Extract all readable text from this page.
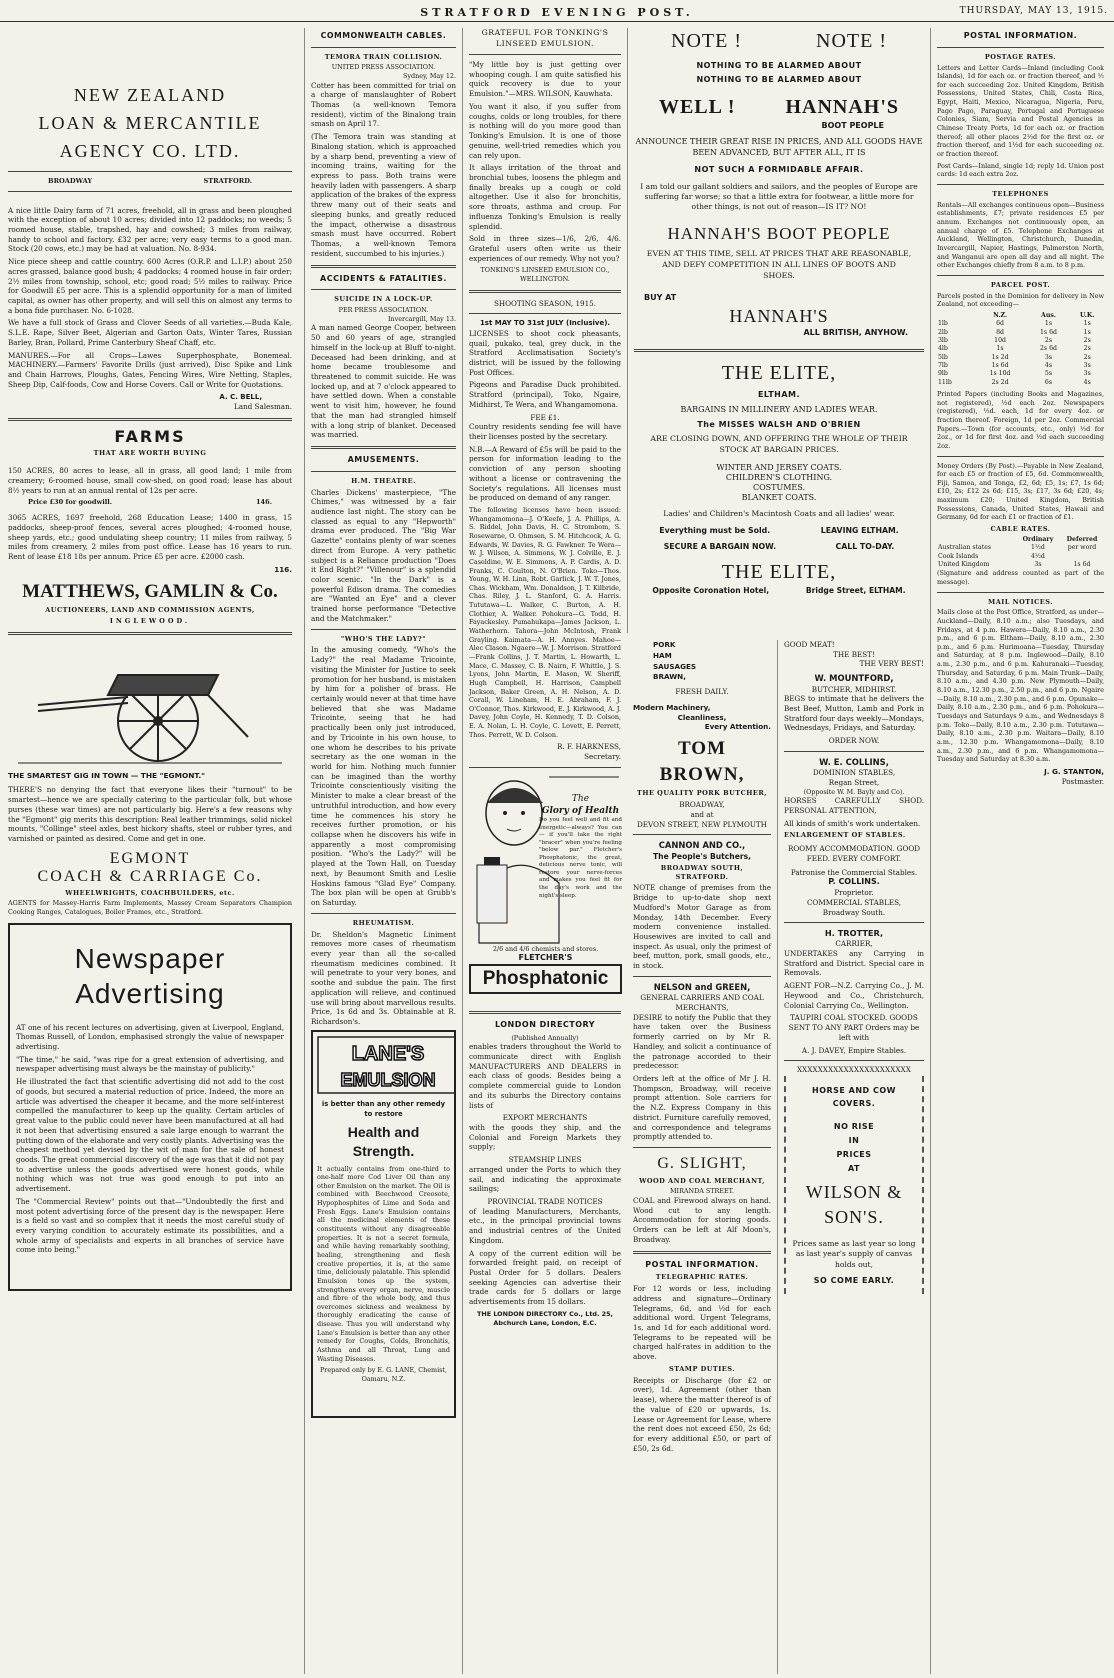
STRATFORD EVENING POST.	THURSDAY, MAY 13, 1915.
NEW ZEALAND
LOAN & MERCANTILE
AGENCY CO. LTD.
BROADWAY	STRATFORD.

A nice little Dairy farm of 71 acres, freehold, all in grass and been ploughed with the exception of about 10 acres; divided into 12 paddocks; no weeds; 5 roomed house, stable, trapshed, hay and cowshed; 3 miles from railway, handy to school and factory. £32 per acre; very easy terms to a good man. Stock (20 cows, etc.) may be had at valuation. No. 8-934.

Nice piece sheep and cattle country. 600 Acres (O.R.P. and L.I.P.) about 250 acres grassed, balance good bush; 4 paddocks; 4 roomed house in fair order; 2½ miles from township, school, etc; good road; 5½ miles to railway. Price for Goodwill £5 per acre. This is a splendid opportunity for a man of limited capital, as owner has other property, and will sell this on almost any terms to a bona fide purchaser. No. 6-1028.

We have a full stock of Grass and Clover Seeds of all varieties.—Buda Kale, S.L.E. Rape, Silver Beet, Algerian and Garton Oats, Winter Tares, Russian Barley, Bran, Pollard, Prime Canterbury Sheaf Chaff, etc.

MANURES.—For all Crops—Lawes Superphosphate, Bonemeal. MACHINERY.—Farmers' Favorite Drills (just arrived), Disc Spike and Link and Chain Harrows, Ploughs, Gates, Fencing Wires, Wire Netting, Staples, Sheep Dip, Calf-foods, Cow and Horse Covers. Call or Write for Quotations.

A. C. BELL,
Land Salesman.
FARMS
THAT ARE WORTH BUYING

150 ACRES, 80 acres to lease, all in grass, all good land; 1 mile from creamery; 6-roomed house, small cow-shed, on good road; lease has about 8½ years to run at an annual rental of 12s per acre.

Price £30 for goodwill.	146.

3065 ACRES, 1697 freehold, 268 Education Lease; 1400 in grass, 15 paddocks, sheep-proof fences, several acres ploughed; 4-roomed house, sheep yards, etc.; good undulating sheep country; 11 miles from railway, 5 miles from creamery, 2 miles from post office. Lease has 16 years to run. Rent of lease £18 18s per annum. Price £5 per acre. £2000 cash.

116.
MATTHEWS, GAMLIN & Co.
AUCTIONEERS, LAND AND COMMISSION AGENTS,
INGLEWOOD.
THE SMARTEST GIG IN TOWN — THE "EGMONT."

THERE'S no denying the fact that everyone likes their "turnout" to be smartest—hence we are specially catering to the particular folk, but whose purses (these war times) are not particularly big. Here's a few reasons why the "Egmont" gig merits this description: Real leather trimmings, solid nickel mounts, "Collinge" steel axles, best hickory shafts, steel or rubber tyres, and varnished or painted as desired. Come and get in one.

EGMONT
COACH & CARRIAGE Co.
WHEELWRIGHTS, COACHBUILDERS, etc.

AGENTS for Massey-Harris Farm Implements, Massey Cream Separators Champion Cooking Ranges, Catalogues, Boiler Frames, etc., Stratford.

Newspaper
Advertising

AT one of his recent lectures on advertising, given at Liverpool, England, Thomas Russell, of London, emphasised strongly the value of newspaper advertising.

"The time," he said, "was ripe for a great extension of advertising, and newspaper advertising must always be the mainstay of publicity."

He illustrated the fact that scientific advertising did not add to the cost of goods, but secured a material reduction of price. Indeed, the more an article was advertised the cheaper it became, and the more self-interest compelled the manufacturer to keep up the quality. Certain articles of great value to the public could never have been manufactured at all had it not been that advertising ensured a sale large enough to warrant the putting down of the elaborate and very costly plants. Advertising was the cheapest method yet devised by the wit of man for the sale of honest goods. The great commercial discovery of the age was that it did not pay to advertise unless the goods advertised were honest goods, while nothing which was not true was good enough to put into an advertisement.

The "Commercial Review" points out that—"Undoubtedly the first and most potent advertising force of the present day is the newspaper. Here is a field so vast and so complex that it needs the most careful study of every varying condition to accurately estimate its possibilities, and a whole army of specialists and experts in all branches of service have come into being."

COMMONWEALTH CABLES.
TEMORA TRAIN COLLISION.
UNITED PRESS ASSOCIATION.
Sydney, May 12.

Cotter has been committed for trial on a charge of manslaughter of Robert Thomas (a well-known Temora resident), victim of the Binalong train smash on April 17.

(The Temora train was standing at Binalong station, which is approached by a sharp bend, preventing a view of incoming trains, waiting for the express to pass. Both trains were heavily laden with passengers. A sharp application of the brakes of the express threw many out of their seats and sleeping bunks, and greatly reduced the impact, otherwise a disastrous smash must have occurred. Robert Thomas, a well-known Temora resident, succumbed to his injuries.)

ACCIDENTS & FATALITIES.
SUICIDE IN A LOCK-UP.
PER PRESS ASSOCIATION.
Invercargill, May 13.

A man named George Cooper, between 50 and 60 years of age, strangled himself in the lock-up at Bluff to-night. Deceased had been drinking, and at home became troublesome and threatened to commit suicide. He was locked up, and at 7 o'clock appeared to have settled down. When a constable went to visit him, however, he found that the man had strangled himself with a long strip of blanket. Deceased was married.

AMUSEMENTS.
H.M. THEATRE.

Charles Dickens' masterpiece, "The Chimes," was witnessed by a fair audience last night. The story can be classed as equal to any "Hepworth" drama ever produced. The "Big War Gazette" contains plenty of war scenes direct from Europe. A very pathetic subject is a Reliance production "Does it End Right?" "Villenour" is a splendid color scenic. "In the Dark" is a powerful Edison drama. The comedies are "Wanted an Eye" and a clever trained horse performance "Detective and the Matchmaker."

"WHO'S THE LADY?"

In the amusing comedy, "Who's the Lady?" the real Madame Tricointe, visiting the Minister for Justice to seek promotion for her husband, is mistaken by him for a polisher of brass. He certainly would never at that time have believed that she was Madame Tricointe, seeing that he had practically been only just introduced, and by Tricointe in his own house, to one whom he describes to his private secretary as the one woman in the world for him. Nothing much funnier can be imagined than the worthy Tricointe conscientiously visiting the Minister to make a clear breast of the untruthful introduction, and how every time he commences his story he receives further promotion, or his collapse when he discovers his wife in apparently a most compromising position. "Who's the Lady?" will be played at the Town Hall, on Tuesday next, by Beaumont Smith and Leslie Hoskins famous "Glad Eye" Company. The box plan will be open at Grubb's on Saturday.

RHEUMATISM.

Dr. Sheldon's Magnetic Liniment removes more cases of rheumatism every year than all the so-called rheumatism medicines combined. It will penetrate to your very bones, and soothe and subdue the pain. The first application will relieve, and continued use will bring about marvellous results. Price, 1s 6d and 3s. Obtainable at R. Richardson's.

LANE'S
EMULSION
is better than any other remedy to restore
Health and Strength.

It actually contains from one-third to one-half more Cod Liver Oil than any other Emulsion on the market. The Oil is combined with Beechwood Creosote, Hypophosphites of Lime and Soda and Fresh Eggs. Lane's Emulsion contains all the medicinal elements of these constituents without any disagreeable properties. It is not a secret formula, and while having remarkably soothing, healing, strengthening and flesh creative properties, it is, at the same time, deliciously palatable. This splendid Emulsion tones up the system, strengthens every organ, nerve, muscle and fibre of the whole body, and thus overcomes sickness and weakness by thoroughly eradicating the cause of disease. Thus you will understand why Lane's Emulsion is better than any other remedy for Coughs, Colds, Bronchitis, Asthma and all Throat, Lung and Wasting Diseases.

Prepared only by E. G. LANE, Chemist, Oamaru, N.Z.
GRATEFUL FOR TONKING'S LINSEED EMULSION.

"My little boy is just getting over whooping cough. I am quite satisfied his quick recovery is due to your Emulsion."—MRS. WILSON, Kauwhata.

You want it also, if you suffer from coughs, colds or long troubles, for there is nothing will do you more good than Tonking's Emulsion. It is one of those genuine, well-tried remedies which you can rely upon.

It allays irritation of the throat and bronchial tubes, loosens the phlegm and finally breaks up a cough or cold altogether. Use it also for bronchitis, sore throats, asthma and croup. For influenza Tonking's Emulsion is really splendid.

Sold in three sizes—1/6, 2/6, 4/6. Grateful users often write us their experiences of our remedy. Why not you?

TONKING'S LINSEED EMULSION CO., WELLINGTON.
SHOOTING SEASON, 1915.
1st MAY TO 31st JULY (Inclusive).

LICENSES to shoot cock pheasants, quail, pukako, teal, grey duck, in the Stratford Acclimatisation Society's district, will be issued by the following Post Offices.

Pigeons and Paradise Duck prohibited. Stratford (principal), Toko, Ngaire, Midhirst, Te Wera, and Whangamomona.

FEE £1.

Country residents sending fee will have their licenses posted by the secretary.

N.B.—A Reward of £5s will be paid to the person for information leading to the conviction of any person shooting without a license or contravening the Society's regulations. All licenses must be produced on demand of any ranger.

The following licenses have been issued: Whangamomona—J. O'Keefe, J. A. Phillips, A. S. Riddel, John Davis, H. C. Strombom, S. Rosewarne, O. Ohmsen, S. M. Hitchcock, A. G. Edwards, W. Davies, R. G. Fawkner. Te Wera—W. J. Wilson, A. Simmons, W. J. Colville, E. J. Caseldine, W. E. Simmons, A. P. Cardis, A. D. Franks, C. Coulton, N. O'Brien. Toko—Thos. Young, W. H. Linn, Robt. Garlick, J. W. T. Jones, Chas. Wickham, Wm. Donaldson, J. T. Kilbride, Chas. Riley, J. L. Stanford, G. A. Harris. Tututawa—L. Walker, C. Burton, A. H. Clothier, A. Walker. Pohokura—G. Todd, H. Fayackesley. Pumahukapa—James Jackson, L. Watherhorn. Tahora—John McIntosh, Frank Grayling. Kaimata—A. H. Annyes. Mahoe—Alec Clason. Ngaere—W. J. Morrison. Stratford—Frank Collins, J. T. Martin, L. Howarth, L. Mace, C. Massey, C. B. Nairn, F. Whittle, J. S. Lyons, John Martin, E. Mason, W. Sheriff, Hugh Campbell, H. Harrison, Campbell Jackson, Baker Green, A. H. Nelson, A. D. Corall, W. Lineham, H. E. Abraham, F. J. O'Connor, Thos. Kirkwood, E. J. Kirkwood, A. J. Davey, John Coyle, H. Kennedy, T. D. Colson, E. A. Nolan, L. H. Coyle, C. Lovett, E. Perrett, Thos. Perrett, W. D. Colson.

R. F. HARKNESS,
Secretary.
The
Glory of Health
Do you feel well and fit and energetic—always? You can — if you'll take the right "bracer" when you're feeling "below par." Fletcher's Phosphatonic, the great, delicious nerve tonic, will restore your nerve-forces and makes you feel fit for the day's work and the night's sleep.
2/6 and 4/6 chemists and stores.
FLETCHER'S
Phosphatonic
LONDON DIRECTORY
(Published Annually)

enables traders throughout the World to communicate direct with English MANUFACTURERS AND DEALERS in each class of goods. Besides being a complete commercial guide to London and its suburbs the Directory contains lists of

EXPORT MERCHANTS

with the goods they ship, and the Colonial and Foreign Markets they supply;

STEAMSHIP LINES

arranged under the Ports to which they sail, and indicating the approximate sailings;

PROVINCIAL TRADE NOTICES

of leading Manufacturers, Merchants, etc., in the principal provincial towns and industrial centres of the United Kingdom.

A copy of the current edition will be forwarded freight paid, on receipt of Postal Order for 5 dollars. Dealers seeking Agencies can advertise their trade cards for 5 dollars or large advertisements from 15 dollars.

THE LONDON DIRECTORY Co., Ltd. 25, Abchurch Lane, London, E.C.
NOTE !	NOTE !
NOTHING TO BE ALARMED ABOUT
NOTHING TO BE ALARMED ABOUT
WELL ! HANNAH'S
BOOT PEOPLE
ANNOUNCE THEIR GREAT RISE IN PRICES, AND ALL GOODS HAVE BEEN ADVANCED, BUT AFTER ALL, IT IS
NOT SUCH A FORMIDABLE AFFAIR.
I am told our gallant soldiers and sailors, and the peoples of Europe are suffering far worse; so that a little extra for footwear, a little more for other things, is not out of reason—IS IT? NO!
HANNAH'S BOOT PEOPLE
EVEN AT THIS TIME, SELL AT PRICES THAT ARE REASONABLE, AND DEFY COMPETITION IN ALL LINES OF BOOTS AND SHOES.
BUY AT
HANNAH'S
ALL BRITISH, ANYHOW.
THE ELITE,
ELTHAM.
BARGAINS IN MILLINERY AND LADIES WEAR.
The MISSES WALSH AND O'BRIEN
ARE CLOSING DOWN, AND OFFERING THE WHOLE OF THEIR STOCK AT BARGAIN PRICES.
WINTER AND JERSEY COATS.
CHILDREN'S CLOTHING.
COSTUMES.
BLANKET COATS.
Ladies' and Children's Macintosh Coats and all ladies' wear.
Everything must be Sold.	LEAVING ELTHAM.
SECURE A BARGAIN NOW.	CALL TO-DAY.
THE ELITE,
Opposite Coronation Hotel,	Bridge Street, ELTHAM.
PORK
HAM
SAUSAGES
BRAWN,
FRESH DAILY.
Modern Machinery,
Cleanliness,
Every Attention.
TOM BROWN,
THE QUALITY PORK BUTCHER,
BROADWAY,
and at
DEVON STREET, NEW PLYMOUTH
CANNON AND CO.,
The People's Butchers,
BROADWAY SOUTH, STRATFORD.

NOTE change of premises from the Bridge to up-to-date shop next Mudford's Motor Garage as from Monday, 14th December. Every modern convenience installed. Housewives are invited to call and inspect. As usual, only the primest of beef, mutton, pork, small goods, etc., in stock.

NELSON and GREEN,
GENERAL CARRIERS AND COAL MERCHANTS,

DESIRE to notify the Public that they have taken over the Business formerly carried on by Mr R. Handley, and solicit a continuance of the patronage accorded to their predecessor.

Orders left at the office of Mr J. H. Thompson, Broadway, will receive prompt attention. Sole carriers for the N.Z. Express Company in this district. Furniture carefully removed, and correspondence and telegrams promptly attended to.

G. SLIGHT,
WOOD AND COAL MERCHANT,
MIRANDA STREET.

COAL and Firewood always on hand. Wood cut to any length. Accommodation for storing goods. Orders can be left at Alf Moon's, Broadway.

POSTAL INFORMATION.
TELEGRAPHIC RATES.

For 12 words or less, including address and signature—Ordinary Telegrams, 6d, and ½d for each additional word. Urgent Telegrams, 1s, and 1d for each additional word. Telegrams to be repeated will be charged half-rates in addition to the above.

STAMP DUTIES.

Receipts or Discharge (for £2 or over), 1d. Agreement (other than lease), where the matter thereof is of the value of £20 or upwards, 1s. Lease or Agreement for Lease, where the rent does not exceed £50, 2s 6d; for every additional £50, or part of £50, 2s 6d.

GOOD MEAT!
THE BEST!
THE VERY BEST!
W. MOUNTFORD,
BUTCHER, MIDHIRST.

BEGS to intimate that he delivers the Best Beef, Mutton, Lamb and Pork in Stratford four days weekly—Mondays, Wednesdays, Fridays, and Saturday.

ORDER NOW.
W. E. COLLINS,
DOMINION STABLES,
Regan Street,
(Opposite W. M. Bayly and Co).

HORSES CAREFULLY SHOD. PERSONAL ATTENTION,

All kinds of smith's work undertaken.

ENLARGEMENT OF STABLES.
ROOMY ACCOMMODATION. GOOD FEED. EVERY COMFORT.
Patronise the Commercial Stables.
P. COLLINS.
Proprietor.
COMMERCIAL STABLES,
Broadway South.
H. TROTTER,
CARRIER,

UNDERTAKES any Carrying in Stratford and District. Special care in Removals.

AGENT FOR—N.Z. Carrying Co., J. M. Heywood and Co., Christchurch, Colonial Carrying Co., Wellington.

TAUPIRI COAL STOCKED. GOODS SENT TO ANY PART Orders may be left with

A. J. DAVEY, Empire Stables.
XXXXXXXXXXXXXXXXXXXXXX
HORSE AND COW
COVERS.
NO RISE
IN
PRICES
AT
WILSON &
SON'S.
Prices same as last year so long as last year's supply of canvas holds out,
SO COME EARLY.
POSTAL INFORMATION.
POSTAGE RATES.

Letters and Letter Cards—Inland (including Cook Islands), 1d for each oz. or fraction thereof, and ½ for each succeeding 2oz. United Kingdom, British Possessions, United States, Chili, Costa Rica, Egypt, Haiti, Mexico, Nicaragua, Nigeria, Peru, Pago Pago, Paraguay, Portugal and Portuguese Colonies, Siam, Servia and Postal Agencies in Chinese Treaty Ports, 1d for each oz. or fraction thereof; all other places 2½d for the first oz. or fraction thereof, and 1½d for each succeeding oz. or fraction thereof.

Post Cards—Inland, single 1d; reply 1d. Union post cards: 1d each extra 2oz.

TELEPHONES

Rentals—All exchanges continuous open—Business establishments, £7; private residences £5 per annum. Exchanges not continuously open, an annual charge of £5. Telephone Exchanges at Auckland, Wellington, Christchurch, Dunedin, Invercargill, Napier, Hastings, Palmerston North, and Wanganui are open all day and all night. The other Exchanges chiefly from 8 a.m. to 8 p.m.

PARCEL POST.

Parcels posted in the Dominion for delivery in New Zealand, not exceeding—

	N.Z.	Aus.	U.K.
1lb	6d	1s	1s
2lb	8d	1s 6d	1s
3lb	10d	2s	2s
4lb	1s	2s 6d	2s
5lb	1s 2d	3s	2s
7lb	1s 6d	4s	3s
9lb	1s 10d	5s	3s
11lb	2s 2d	6s	4s

Printed Papers (including Books and Magazines, not registered), ½d each 2oz. Newspapers (registered), ½d. each, 1d for every 4oz. or fraction thereof. Foreign, 1d per 2oz. Commercial Papers.—Town (for accounts, etc., only) ½d for 2oz., or 1d for first 4oz. and ½d each succeeding 2oz.

Money Orders (By Post).—Payable in New Zealand, for each £5 or fraction of £5, 6d. Commonwealth, Fiji, Samoa, and Tonga, £2, 6d; £5, 1s; £7, 1s 6d; £10, 2s; £12 2s 6d; £15, 3s; £17, 3s 6d; £20, 4s; maximum £20; United Kingdom, British Possessions, Canada, United States, Hawaii and Germany, 6d for each £1 or fraction of £1.

CABLE RATES.
	Ordinary	Deferred
Australian states	1½d	per word
Cook Islands	4½d	
United Kingdom	3s	1s 6d

(Signature and address counted as part of the message).

MAIL NOTICES.

Mails close at the Post Office, Stratford, as under— Auckland—Daily, 8.10 a.m.; also Tuesdays, and Fridays, at 4 p.m. Hawera—Daily, 8.10 a.m., 2.30 p.m., and 6 p.m. Eltham—Daily, 8.10 a.m., 2.30 p.m., and 6 p.m. Hurimoana—Tuesday, Thursday and Saturday, at 8 p.m. Inglewood—Daily, 8.10 a.m., 2.30 p.m., and 6 p.m. Kahuranaki—Tuesday, Thursday, and Saturday, 6 p.m. Main Trunk—Daily, 8.10 a.m., and 4.30 p.m. New Plymouth—Daily, 8.10 a.m., 12.30 p.m., 2.50 p.m., and 6 p.m. Ngaire—Daily, 8.10 a.m., 2.30 p.m., and 6 p.m. Opunake—Daily, 8.10 a.m., 2.30 p.m., and 6 p.m. Pohokura—Tuesdays and Saturdays 9 a.m., and Wednesdays 8 p.m. Toko—Daily, 8.10 a.m., 2.30 p.m. Tututawa—Daily, 8.10 a.m., 2.30 p.m. Waitara—Daily, 8.10 a.m., 12.30 p.m. Whangamomona—Daily, 8.10 a.m., 2.30 p.m., and 6 p.m. Whangamomona—Tuesday and Saturday at 8.30 a.m.

J. G. STANTON,
Postmaster.
